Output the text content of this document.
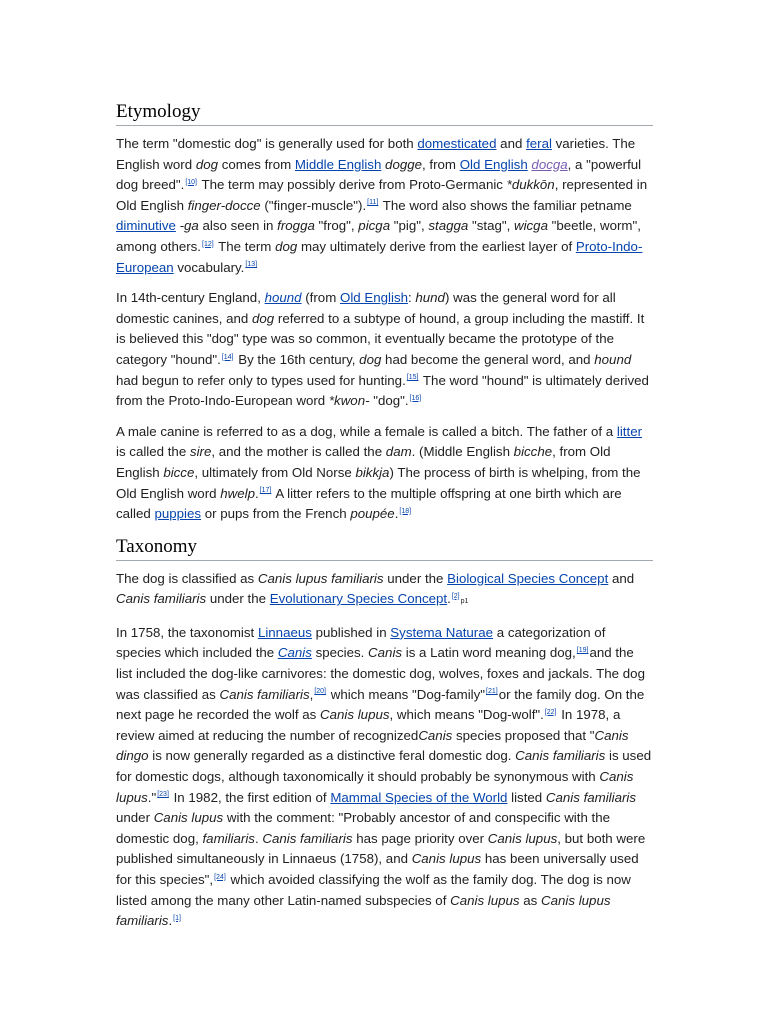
Etymology

The term "domestic dog" is generally used for both domesticated and feral varieties. The English word dog comes from Middle English dogge, from Old English docga, a "powerful dog breed".[10] The term may possibly derive from Proto-Germanic *dukkōn, represented in Old English finger-docce ("finger-muscle").[11] The word also shows the familiar petname diminutive -ga also seen in frogga "frog", picga "pig", stagga "stag", wicga "beetle, worm", among others.[12] The term dog may ultimately derive from the earliest layer of Proto-Indo-European vocabulary.[13]

In 14th-century England, hound (from Old English: hund) was the general word for all domestic canines, and dog referred to a subtype of hound, a group including the mastiff. It is believed this "dog" type was so common, it eventually became the prototype of the category "hound".[14] By the 16th century, dog had become the general word, and hound had begun to refer only to types used for hunting.[15] The word "hound" is ultimately derived from the Proto-Indo-European word *kwon- "dog".[16]

A male canine is referred to as a dog, while a female is called a bitch. The father of a litter is called the sire, and the mother is called the dam. (Middle English bicche, from Old English bicce, ultimately from Old Norse bikkja) The process of birth is whelping, from the Old English word hwelp.[17] A litter refers to the multiple offspring at one birth which are called puppies or pups from the French poupée.[18]

Taxonomy

The dog is classified as Canis lupus familiaris under the Biological Species Concept and Canis familiaris under the Evolutionary Species Concept.[2]p1

In 1758, the taxonomist Linnaeus published in Systema Naturae a categorization of species which included the Canis species. Canis is a Latin word meaning dog,[19]and the list included the dog-like carnivores: the domestic dog, wolves, foxes and jackals. The dog was classified as Canis familiaris,[20] which means "Dog-family"[21]or the family dog. On the next page he recorded the wolf as Canis lupus, which means "Dog-wolf".[22] In 1978, a review aimed at reducing the number of recognizedCanis species proposed that "Canis dingo is now generally regarded as a distinctive feral domestic dog. Canis familiaris is used for domestic dogs, although taxonomically it should probably be synonymous with Canis lupus."[23] In 1982, the first edition of Mammal Species of the World listed Canis familiaris under Canis lupus with the comment: "Probably ancestor of and conspecific with the domestic dog, familiaris. Canis familiaris has page priority over Canis lupus, but both were published simultaneously in Linnaeus (1758), and Canis lupus has been universally used for this species",[24] which avoided classifying the wolf as the family dog. The dog is now listed among the many other Latin-named subspecies of Canis lupus as Canis lupus familiaris.[1]
